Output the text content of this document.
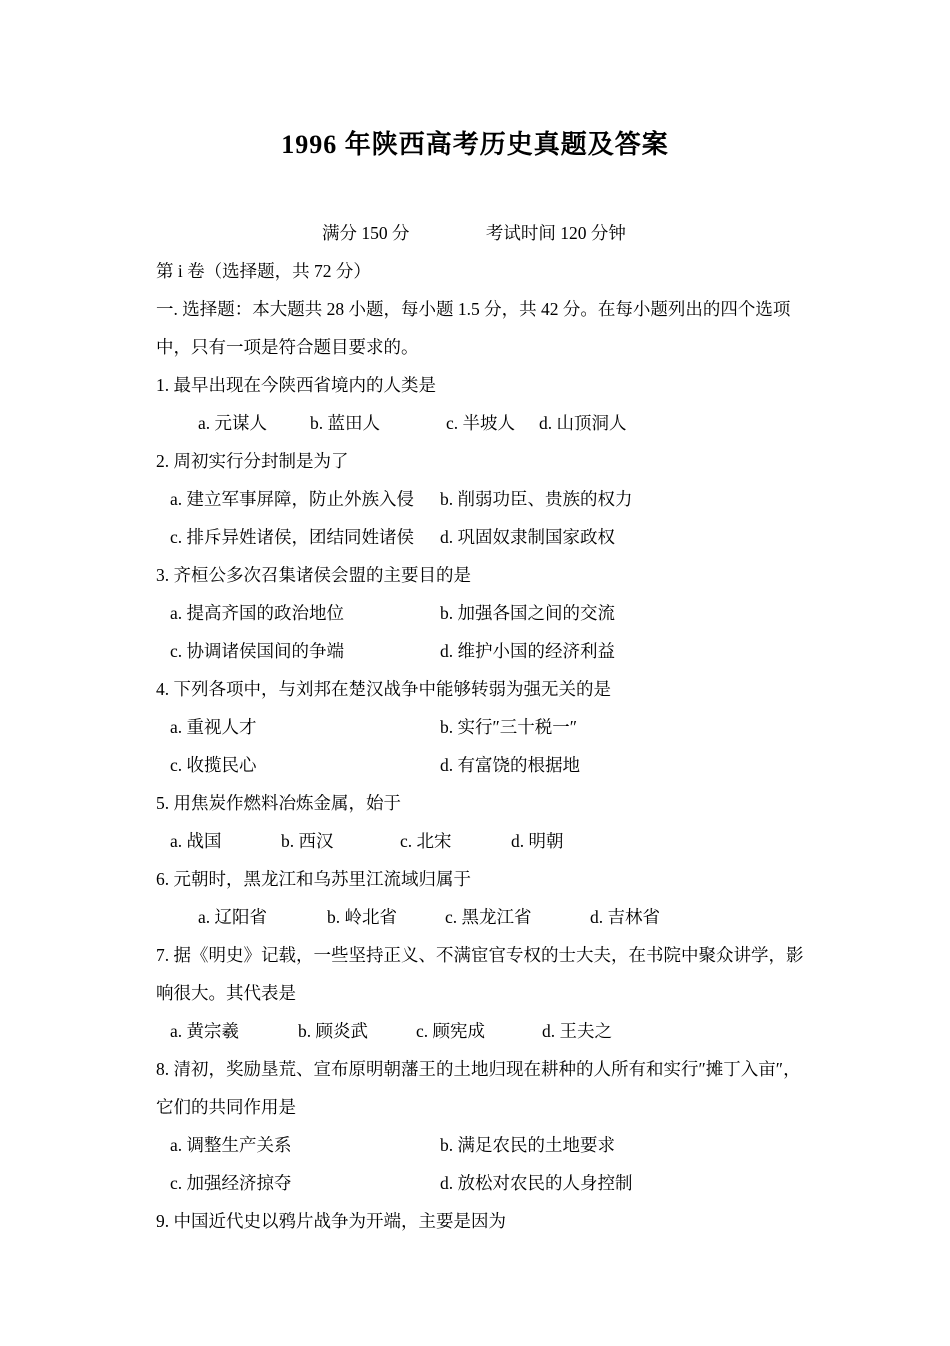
1996 年陕西高考历史真题及答案
满分 150 分	考试时间 120 分钟
第 i 卷（选择题，共 72 分）
一. 选择题：本大题共 28 小题，每小题 1.5 分，共 42 分。在每小题列出的四个选项
中，只有一项是符合题目要求的。
1. 最早出现在今陕西省境内的人类是
a. 元谋人 b. 蓝田人	c. 半坡人 d. 山顶洞人
2. 周初实行分封制是为了
a. 建立军事屏障，防止外族入侵 b. 削弱功臣、贵族的权力
c. 排斥异姓诸侯，团结同姓诸侯 d. 巩固奴隶制国家政权
3. 齐桓公多次召集诸侯会盟的主要目的是
a. 提高齐国的政治地位	b. 加强各国之间的交流
c. 协调诸侯国间的争端	d. 维护小国的经济利益
4. 下列各项中，与刘邦在楚汉战争中能够转弱为强无关的是
a. 重视人才	b. 实行″三十税一″
c. 收揽民心	d. 有富饶的根据地
5. 用焦炭作燃料冶炼金属，始于
a. 战国	b. 西汉	c. 北宋	d. 明朝
6. 元朝时，黑龙江和乌苏里江流域归属于
a. 辽阳省	b. 岭北省	c. 黑龙江省	d. 吉林省
7. 据《明史》记载，一些坚持正义、不满宦官专权的士大夫，在书院中聚众讲学，影
响很大。其代表是
a. 黄宗羲	b. 顾炎武	c. 顾宪成	d. 王夫之
8. 清初，奖励垦荒、宣布原明朝藩王的土地归现在耕种的人所有和实行″摊丁入亩″，
它们的共同作用是
a. 调整生产关系	b. 满足农民的土地要求
c. 加强经济掠夺	d. 放松对农民的人身控制
9. 中国近代史以鸦片战争为开端，主要是因为
